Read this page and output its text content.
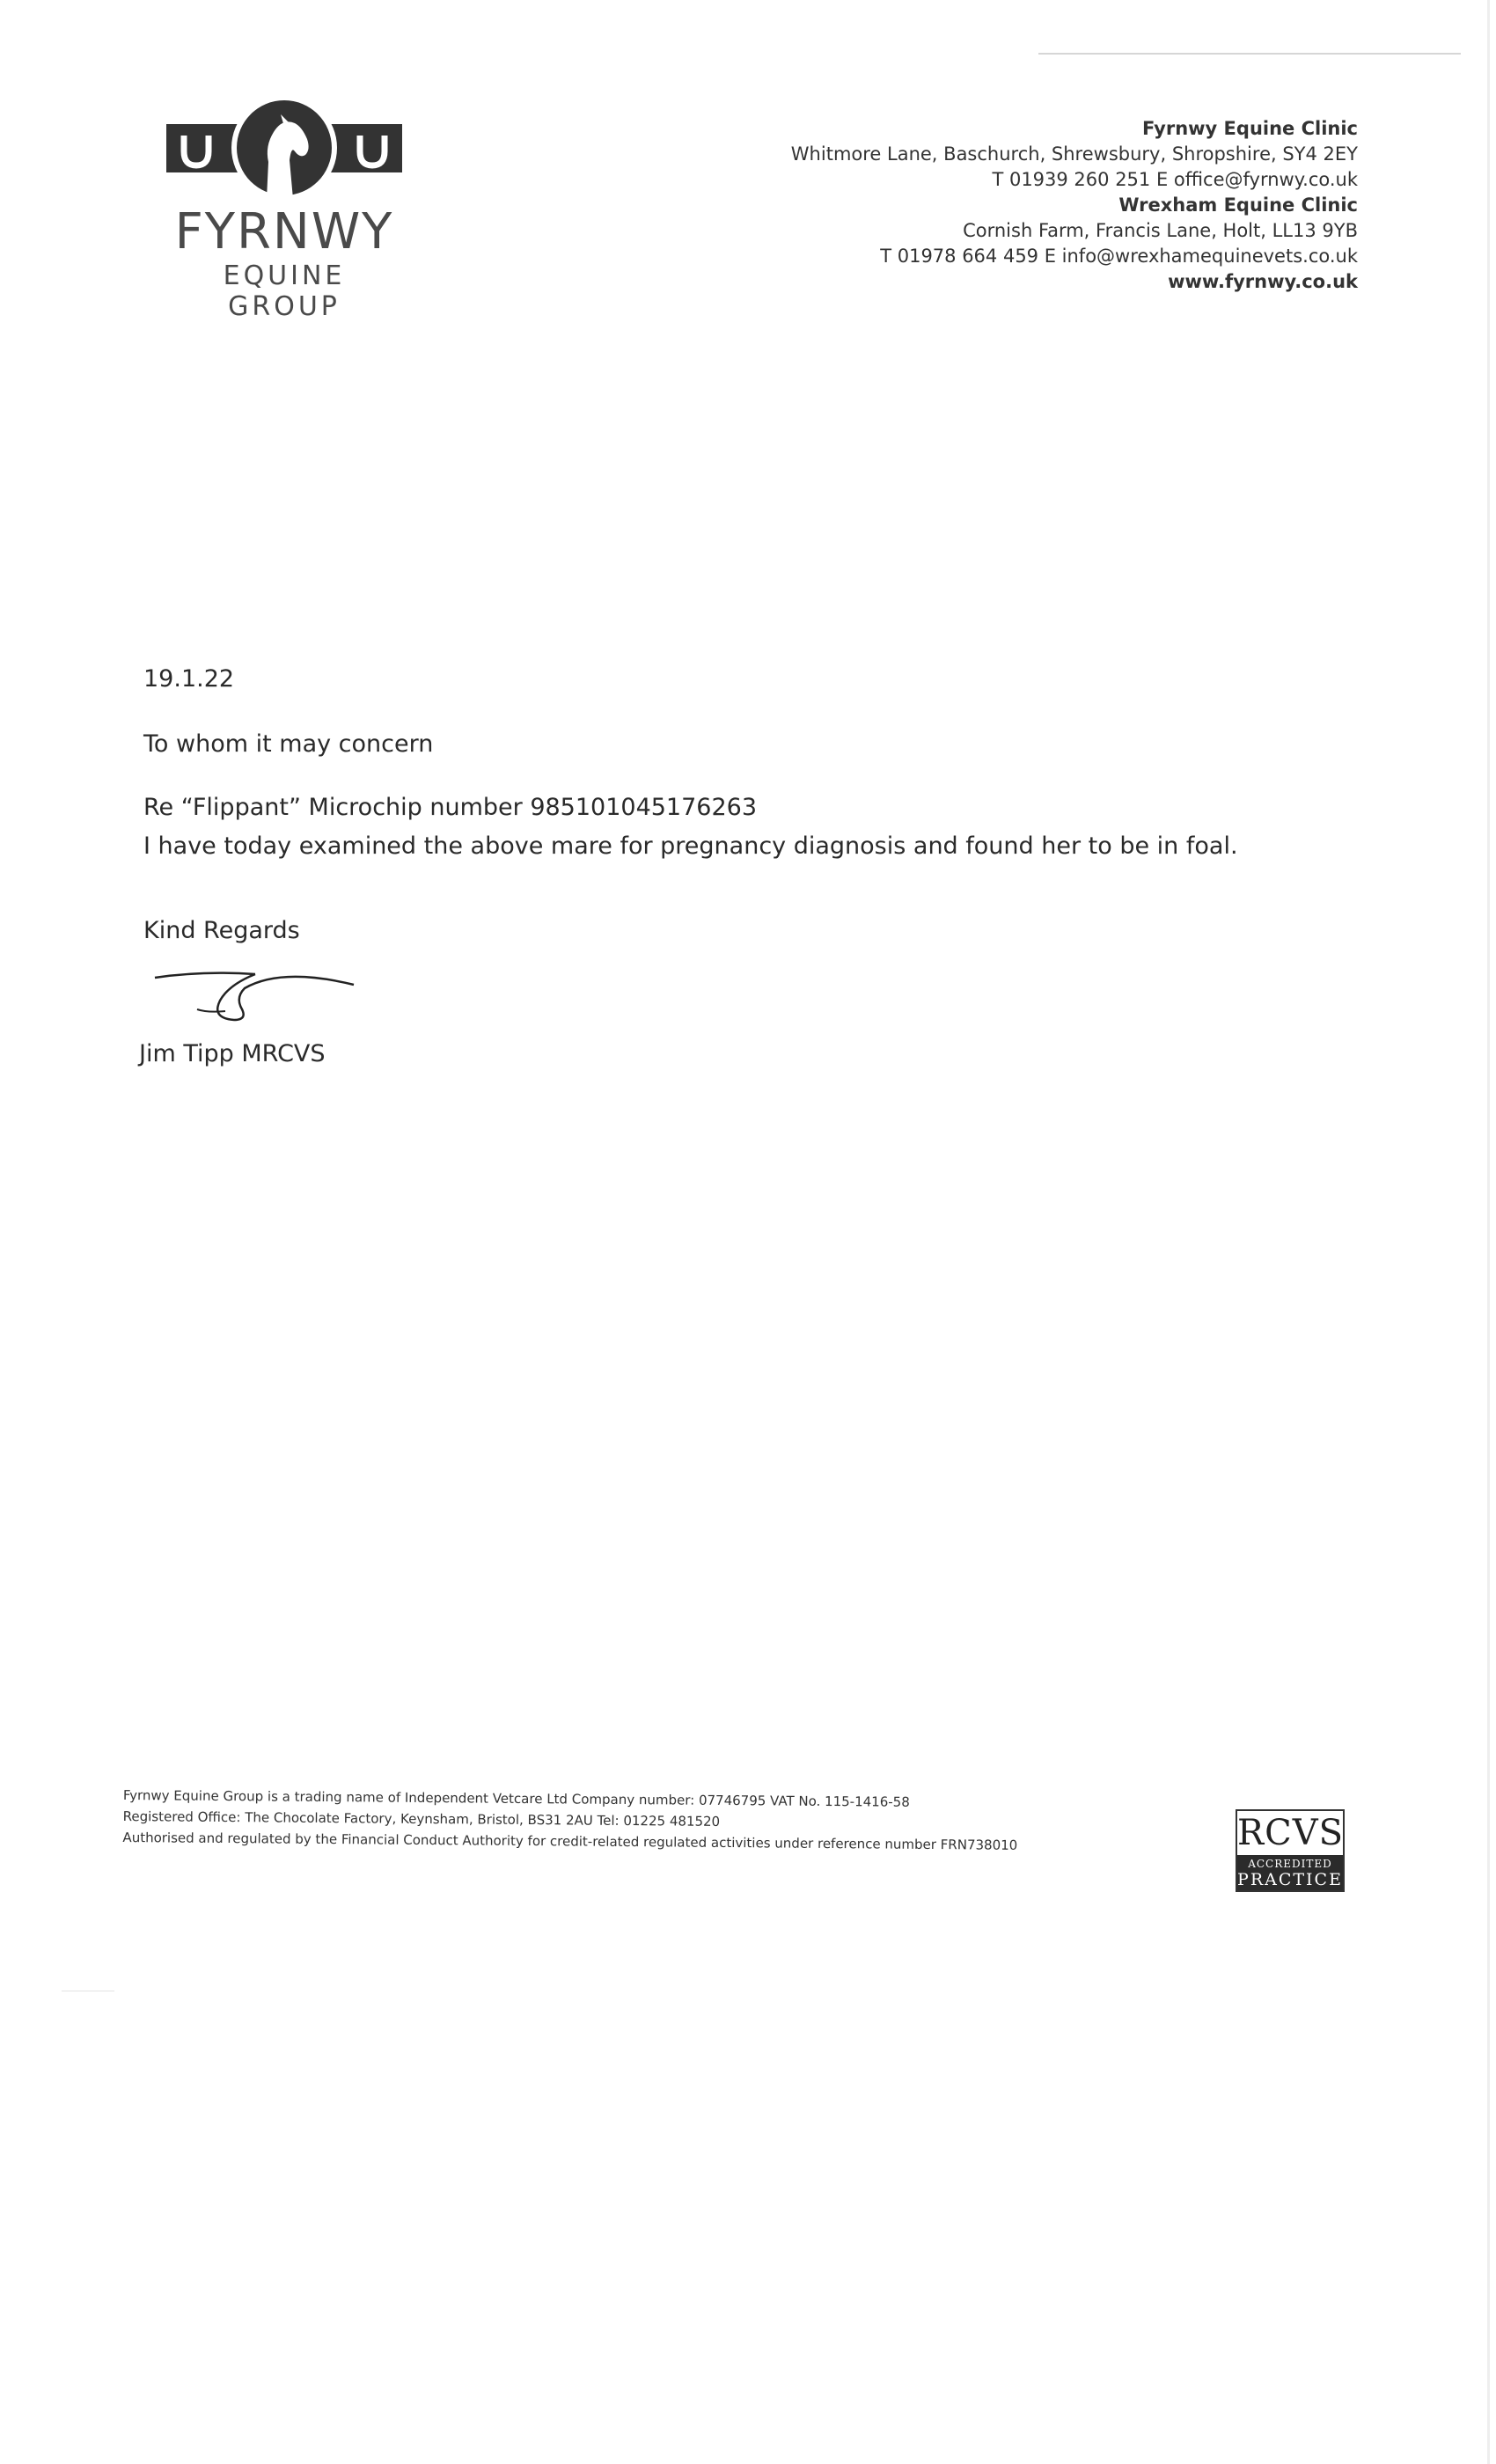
FYRNWY
EQUINE GROUP
Fyrnwy Equine Clinic
Whitmore Lane, Baschurch, Shrewsbury, Shropshire, SY4 2EY
T 01939 260 251 E office@fyrnwy.co.uk
Wrexham Equine Clinic
Cornish Farm, Francis Lane, Holt, LL13 9YB
T 01978 664 459 E info@wrexhamequinevets.co.uk
www.fyrnwy.co.uk
19.1.22
To whom it may concern
Re “Flippant” Microchip number 985101045176263
I have today examined the above mare for pregnancy diagnosis and found her to be in foal.
Kind Regards
Jim Tipp MRCVS
Fyrnwy Equine Group is a trading name of Independent Vetcare Ltd Company number: 07746795 VAT No. 115-1416-58
Registered Office: The Chocolate Factory, Keynsham, Bristol, BS31 2AU Tel: 01225 481520
Authorised and regulated by the Financial Conduct Authority for credit-related regulated activities under reference number FRN738010	RCVS
ACCREDITED
PRACTICE
